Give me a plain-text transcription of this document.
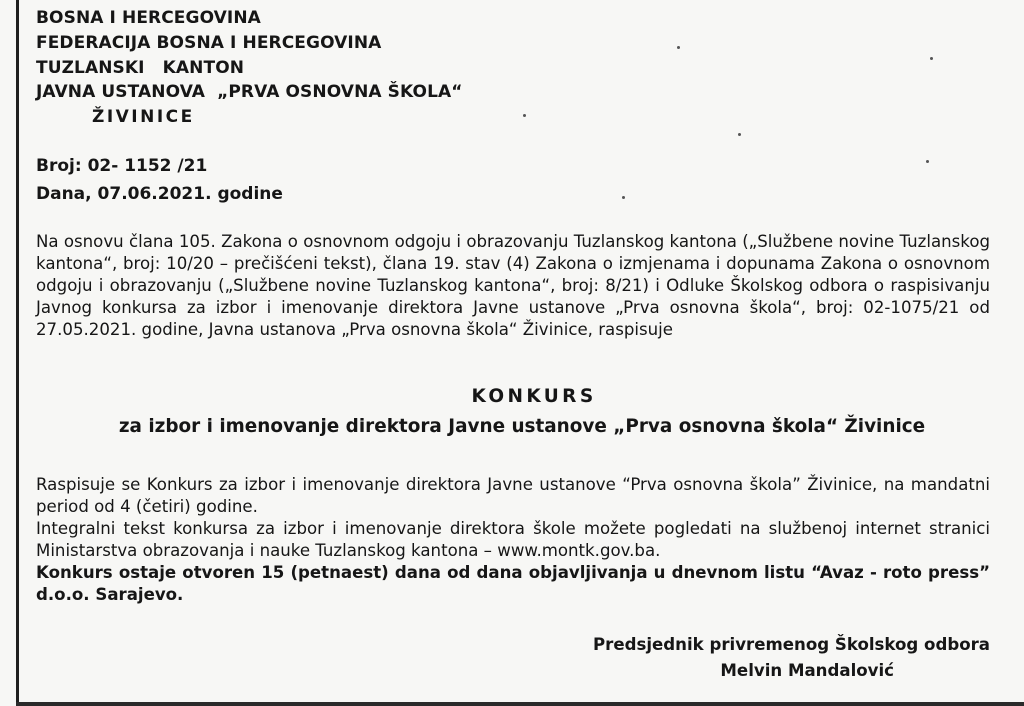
BOSNA I HERCEGOVINA
FEDERACIJA BOSNA I HERCEGOVINA
TUZLANSKI   KANTON
JAVNA USTANOVA  „PRVA OSNOVNA ŠKOLA“
ŽIVINICE
Broj: 02- 1152 /21
Dana, 07.06.2021. godine
Na osnovu člana 105. Zakona o osnovnom odgoju i obrazovanju Tuzlanskog kantona („Službene novine Tuzlanskog kantona“, broj: 10/20 – prečišćeni tekst), člana 19. stav (4) Zakona o izmjenama i dopunama Zakona o osnovnom odgoju i obrazovanju („Službene novine Tuzlanskog kantona“, broj: 8/21) i Odluke Školskog odbora o raspisivanju Javnog konkursa za izbor i imenovanje direktora Javne ustanove „Prva osnovna škola“, broj: 02-1075/21 od 27.05.2021. godine, Javna ustanova „Prva osnovna škola“ Živinice, raspisuje
KONKURS
za izbor i imenovanje direktora Javne ustanove „Prva osnovna škola“ Živinice

Raspisuje se Konkurs za izbor i imenovanje direktora Javne ustanove “Prva osnovna škola” Živinice, na mandatni period od 4 (četiri) godine.

Integralni tekst konkursa za izbor i imenovanje direktora škole možete pogledati na službenoj internet stranici Ministarstva obrazovanja i nauke Tuzlanskog kantona – www.montk.gov.ba.

Konkurs ostaje otvoren 15 (petnaest) dana od dana objavljivanja u dnevnom listu “Avaz - roto press” d.o.o. Sarajevo.

Predsjednik privremenog Školskog odbora
Melvin Mandalović
